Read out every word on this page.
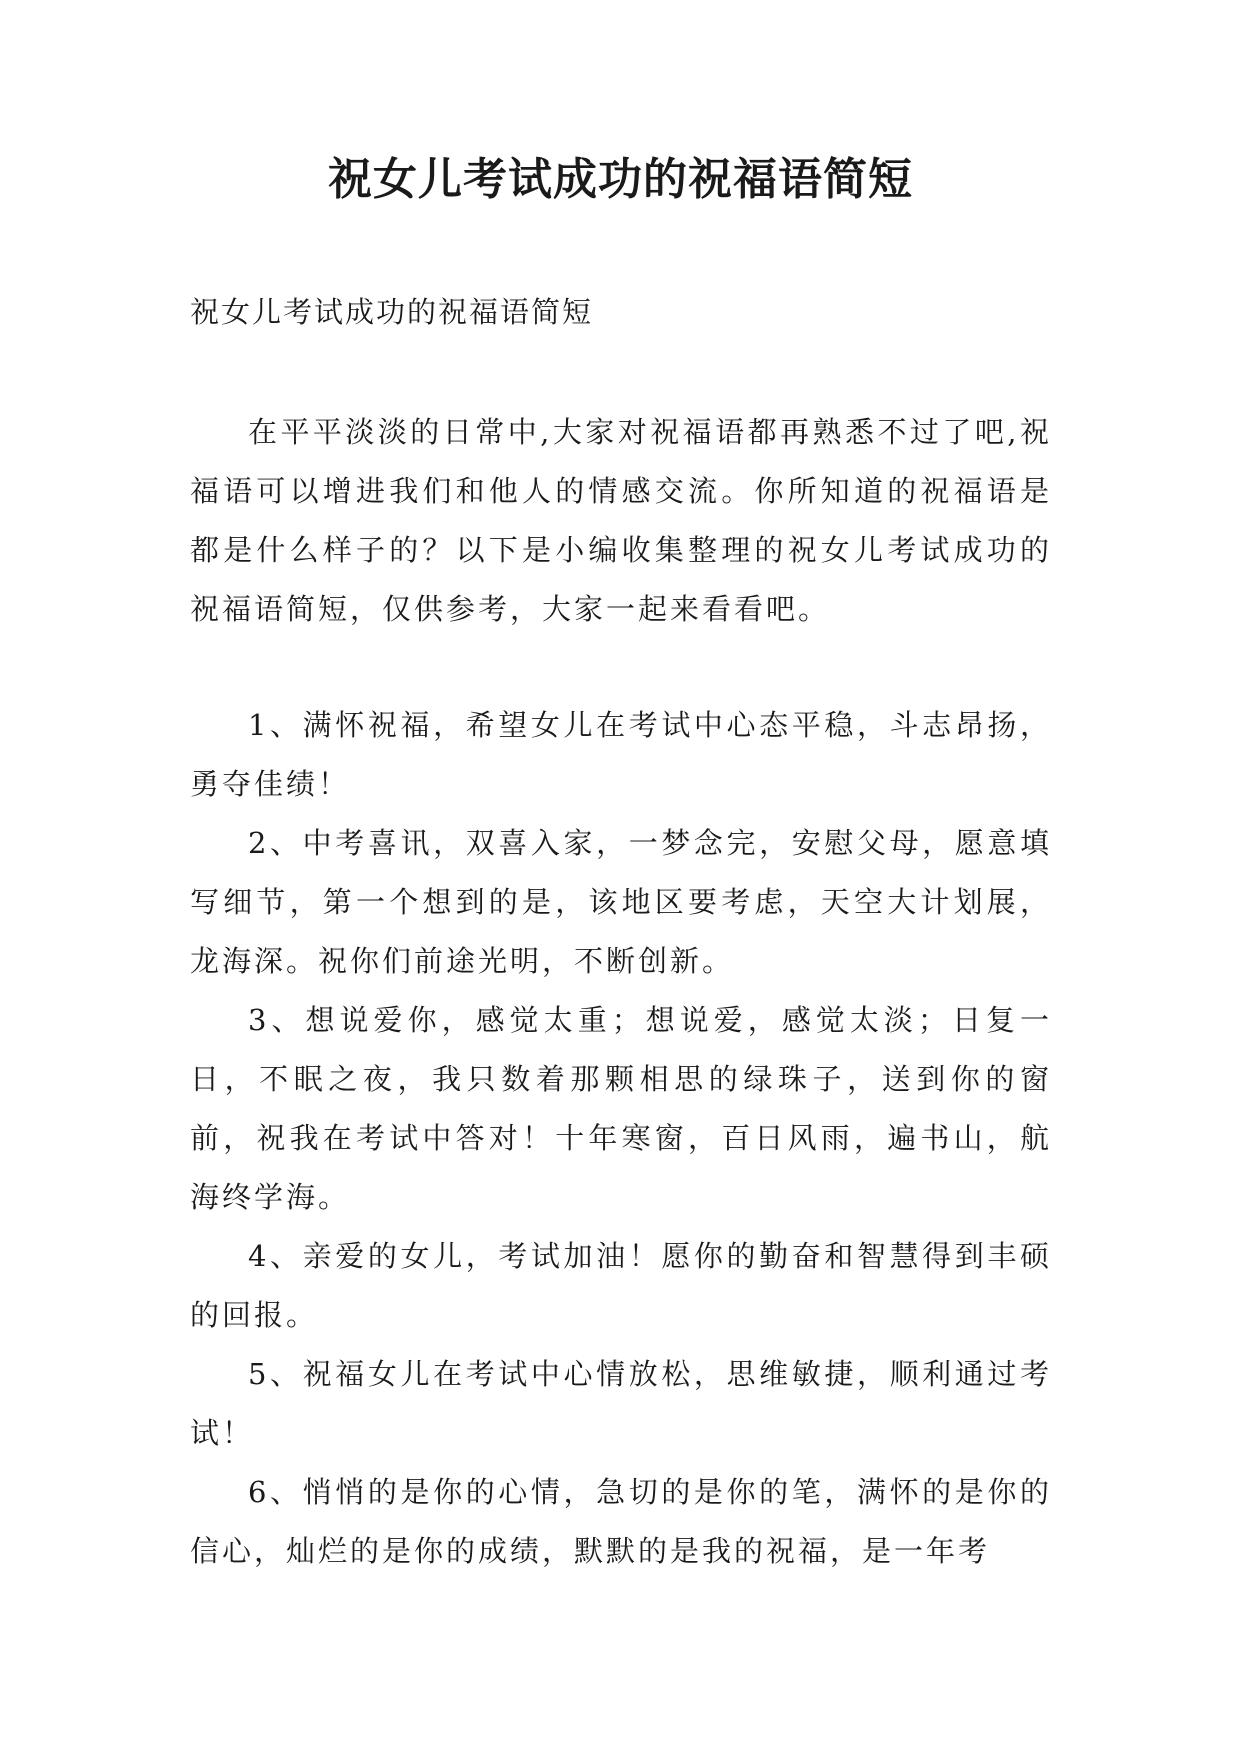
祝女儿考试成功的祝福语简短
祝女儿考试成功的祝福语简短

在平平淡淡的日常中,大家对祝福语都再熟悉不过了吧,祝福语可以增进我们和他人的情感交流。你所知道的祝福语是都是什么样子的？以下是小编收集整理的祝女儿考试成功的祝福语简短，仅供参考，大家一起来看看吧。

1、满怀祝福，希望女儿在考试中心态平稳，斗志昂扬，勇夺佳绩！

2、中考喜讯，双喜入家，一梦念完，安慰父母，愿意填写细节，第一个想到的是，该地区要考虑，天空大计划展，龙海深。祝你们前途光明，不断创新。

3、想说爱你，感觉太重；想说爱，感觉太淡；日复一日，不眠之夜，我只数着那颗相思的绿珠子，送到你的窗前，祝我在考试中答对！十年寒窗，百日风雨，遍书山，航海终学海。

4、亲爱的女儿，考试加油！愿你的勤奋和智慧得到丰硕的回报。

5、祝福女儿在考试中心情放松，思维敏捷，顺利通过考试！

6、悄悄的是你的心情，急切的是你的笔，满怀的是你的信心，灿烂的是你的成绩，默默的是我的祝福，是一年考
